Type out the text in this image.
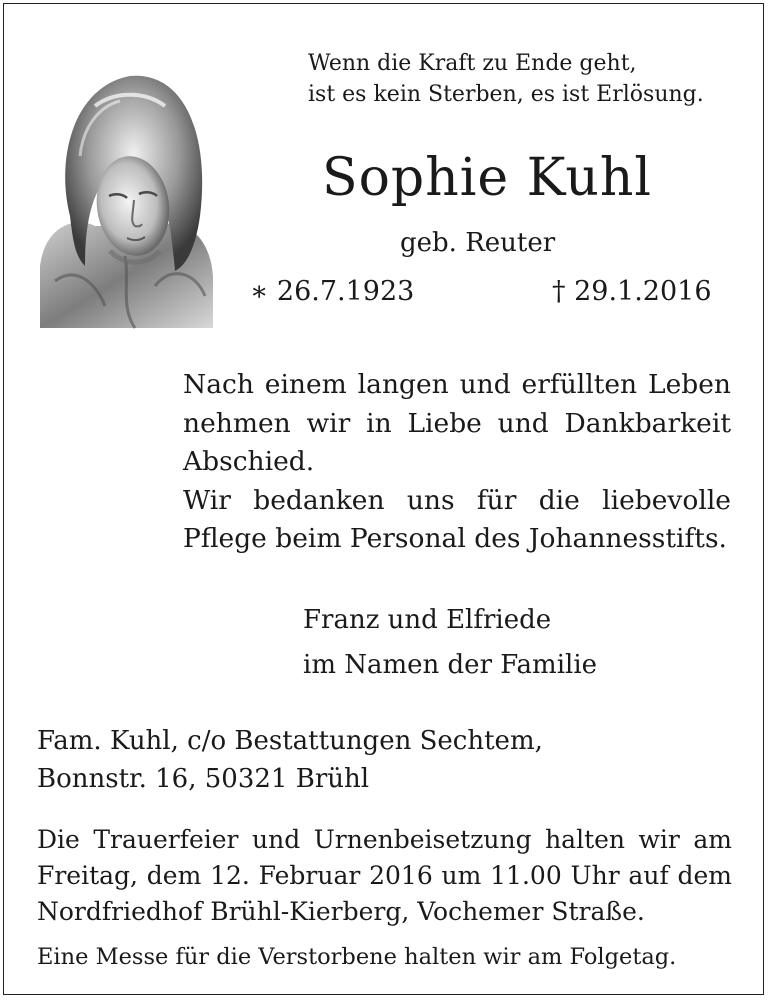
Wenn die Kraft zu Ende geht,
ist es kein Sterben, es ist Erlösung.
Sophie Kuhl
geb. Reuter
∗ 26.7.1923	† 29.1.2016
Nach einem langen und erfüllten Leben
nehmen wir in Liebe und Dankbarkeit
Abschied.
Wir bedanken uns für die liebevolle
Pflege beim Personal des Johannesstifts.
Franz und Elfriede
im Namen der Familie
Fam. Kuhl, c/o Bestattungen Sechtem,
Bonnstr. 16, 50321 Brühl
Die Trauerfeier und Urnenbeisetzung halten wir am
Freitag, dem 12. Februar 2016 um 11.00 Uhr auf dem
Nordfriedhof Brühl-Kierberg, Vochemer Straße.
Eine Messe für die Verstorbene halten wir am Folgetag.
